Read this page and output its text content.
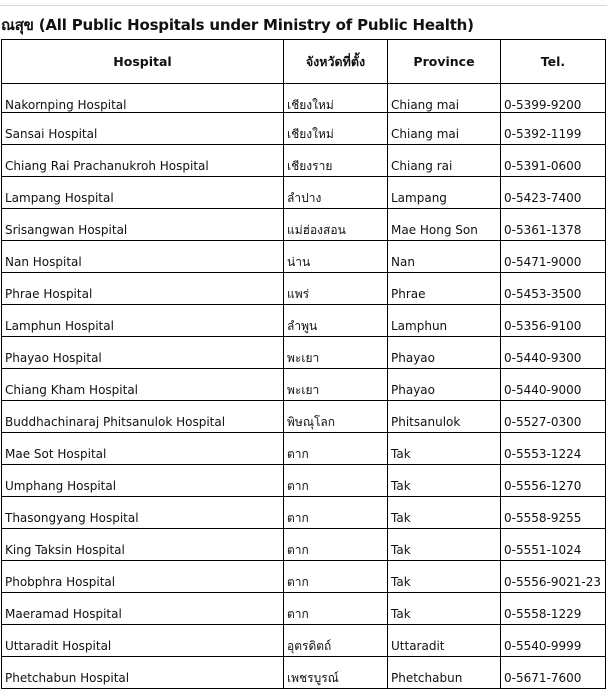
ณสุข (All Public Hospitals under Ministry of Public Health)
Hospital	จังหวัดที่ตั้ง	Province	Tel.
Nakornping Hospital	เชียงใหม่	Chiang mai	0-5399-9200
Sansai Hospital	เชียงใหม่	Chiang mai	0-5392-1199
Chiang Rai Prachanukroh Hospital	เชียงราย	Chiang rai	0-5391-0600
Lampang Hospital	ลำปาง	Lampang	0-5423-7400
Srisangwan Hospital	แม่ฮ่องสอน	Mae Hong Son	0-5361-1378
Nan Hospital	น่าน	Nan	0-5471-9000
Phrae Hospital	แพร่	Phrae	0-5453-3500
Lamphun Hospital	ลำพูน	Lamphun	0-5356-9100
Phayao Hospital	พะเยา	Phayao	0-5440-9300
Chiang Kham Hospital	พะเยา	Phayao	0-5440-9000
Buddhachinaraj Phitsanulok Hospital	พิษณุโลก	Phitsanulok	0-5527-0300
Mae Sot Hospital	ตาก	Tak	0-5553-1224
Umphang Hospital	ตาก	Tak	0-5556-1270
Thasongyang Hospital	ตาก	Tak	0-5558-9255
King Taksin Hospital	ตาก	Tak	0-5551-1024
Phobphra Hospital	ตาก	Tak	0-5556-9021-23
Maeramad Hospital	ตาก	Tak	0-5558-1229
Uttaradit Hospital	อุตรดิตถ์	Uttaradit	0-5540-9999
Phetchabun Hospital	เพชรบูรณ์	Phetchabun	0-5671-7600
